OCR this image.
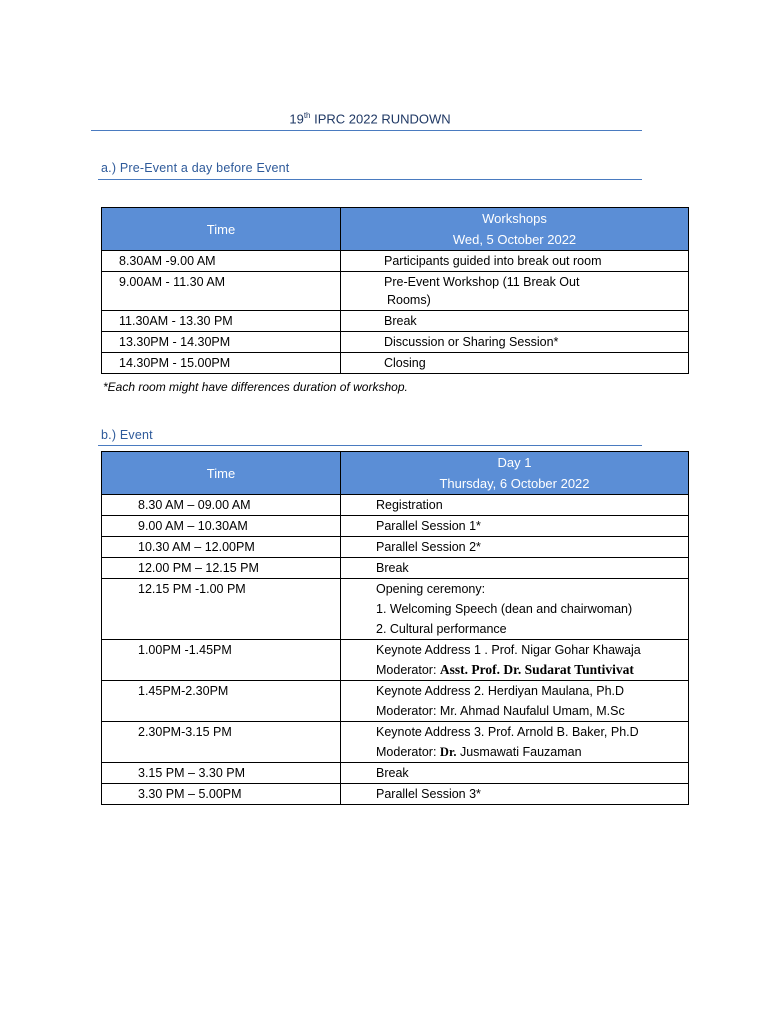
19th IPRC 2022 RUNDOWN
a.) Pre-Event a day before Event
Time	Workshops
Wed, 5 October 2022
8.30AM -9.00 AM	Participants guided into break out room
9.00AM - 11.30 AM	Pre-Event Workshop (11 Break Out
Rooms)
11.30AM - 13.30 PM	Break
13.30PM - 14.30PM	Discussion or Sharing Session*
14.30PM - 15.00PM	Closing
*Each room might have differences duration of workshop.
b.) Event
Time	Day 1
Thursday, 6 October 2022
8.30 AM – 09.00 AM	Registration
9.00 AM – 10.30AM	Parallel Session 1*
10.30 AM – 12.00PM	Parallel Session 2*
12.00 PM – 12.15 PM	Break
12.15 PM -1.00 PM	Opening ceremony:
1. Welcoming Speech (dean and chairwoman)
2. Cultural performance
1.00PM -1.45PM	Keynote Address 1 . Prof. Nigar Gohar Khawaja
Moderator: Asst. Prof. Dr. Sudarat Tuntivivat
1.45PM-2.30PM	Keynote Address 2. Herdiyan Maulana, Ph.D
Moderator: Mr. Ahmad Naufalul Umam, M.Sc
2.30PM-3.15 PM	Keynote Address 3. Prof. Arnold B. Baker, Ph.D
Moderator: Dr. Jusmawati Fauzaman
3.15 PM – 3.30 PM	Break
3.30 PM – 5.00PM	Parallel Session 3*
